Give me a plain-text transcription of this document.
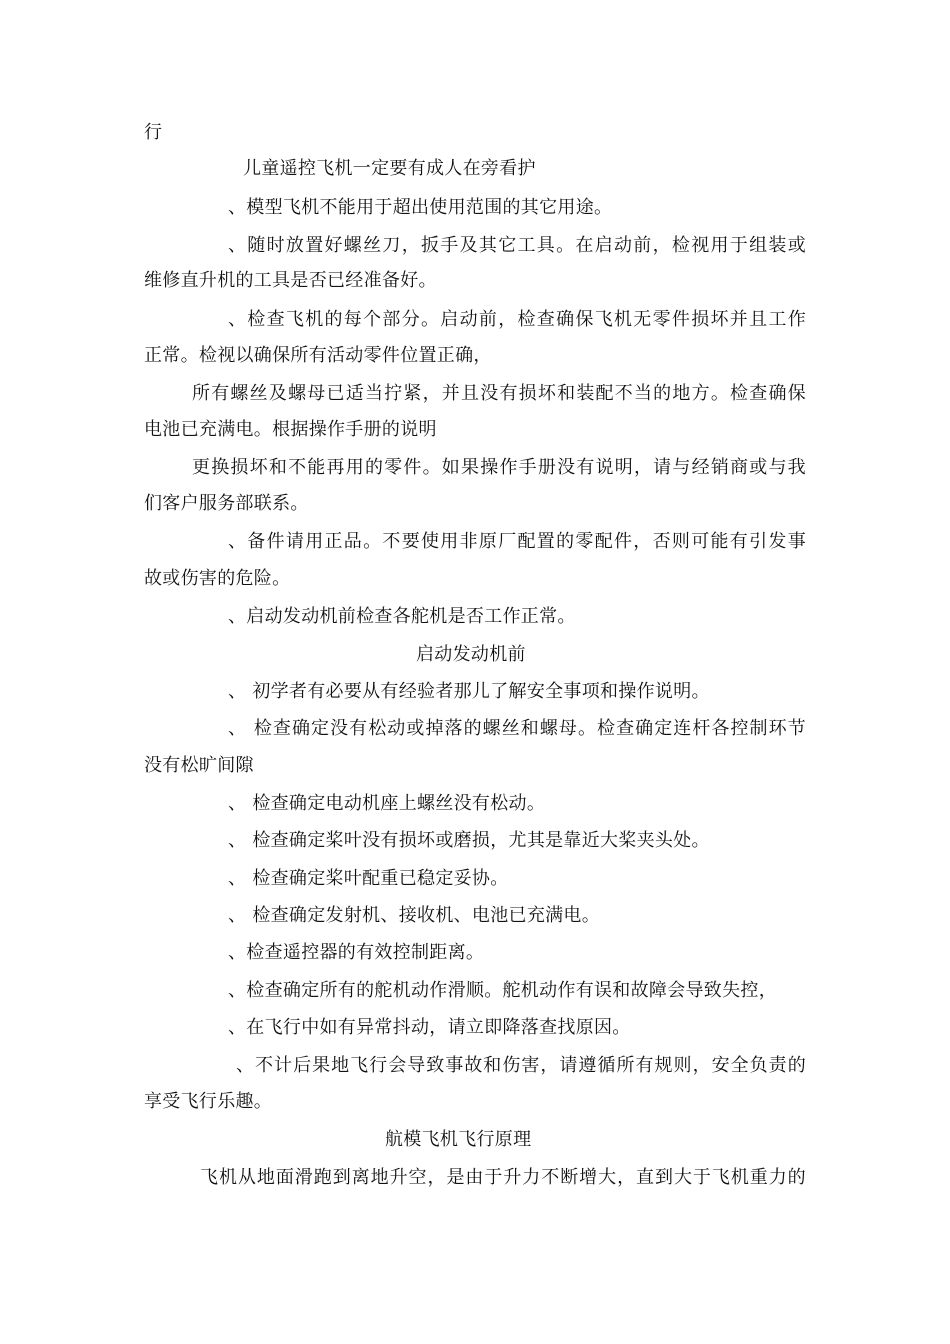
行
儿童遥控飞机一定要有成人在旁看护
、模型飞机不能用于超出使用范围的其它用途。
、随时放置好螺丝刀，扳手及其它工具。在启动前，检视用于组装或
维修直升机的工具是否已经准备好。
、检查飞机的每个部分。启动前，检查确保飞机无零件损坏并且工作
正常。检视以确保所有活动零件位置正确，
所有螺丝及螺母已适当拧紧，并且没有损坏和装配不当的地方。检查确保
电池已充满电。根据操作手册的说明
更换损坏和不能再用的零件。如果操作手册没有说明，请与经销商或与我
们客户服务部联系。
、备件请用正品。不要使用非原厂配置的零配件，否则可能有引发事
故或伤害的危险。
、启动发动机前检查各舵机是否工作正常。
启动发动机前
、 初学者有必要从有经验者那儿了解安全事项和操作说明。
、 检查确定没有松动或掉落的螺丝和螺母。检查确定连杆各控制环节
没有松旷间隙
、 检查确定电动机座上螺丝没有松动。
、 检查确定桨叶没有损坏或磨损，尤其是靠近大桨夹头处。
、 检查确定桨叶配重已稳定妥协。
、 检查确定发射机、接收机、电池已充满电。
、检查遥控器的有效控制距离。
、检查确定所有的舵机动作滑顺。舵机动作有误和故障会导致失控，
、在飞行中如有异常抖动，请立即降落查找原因。
、不计后果地飞行会导致事故和伤害，请遵循所有规则，安全负责的
享受飞行乐趣。
航模飞机飞行原理
飞机从地面滑跑到离地升空，是由于升力不断增大，直到大于飞机重力的
